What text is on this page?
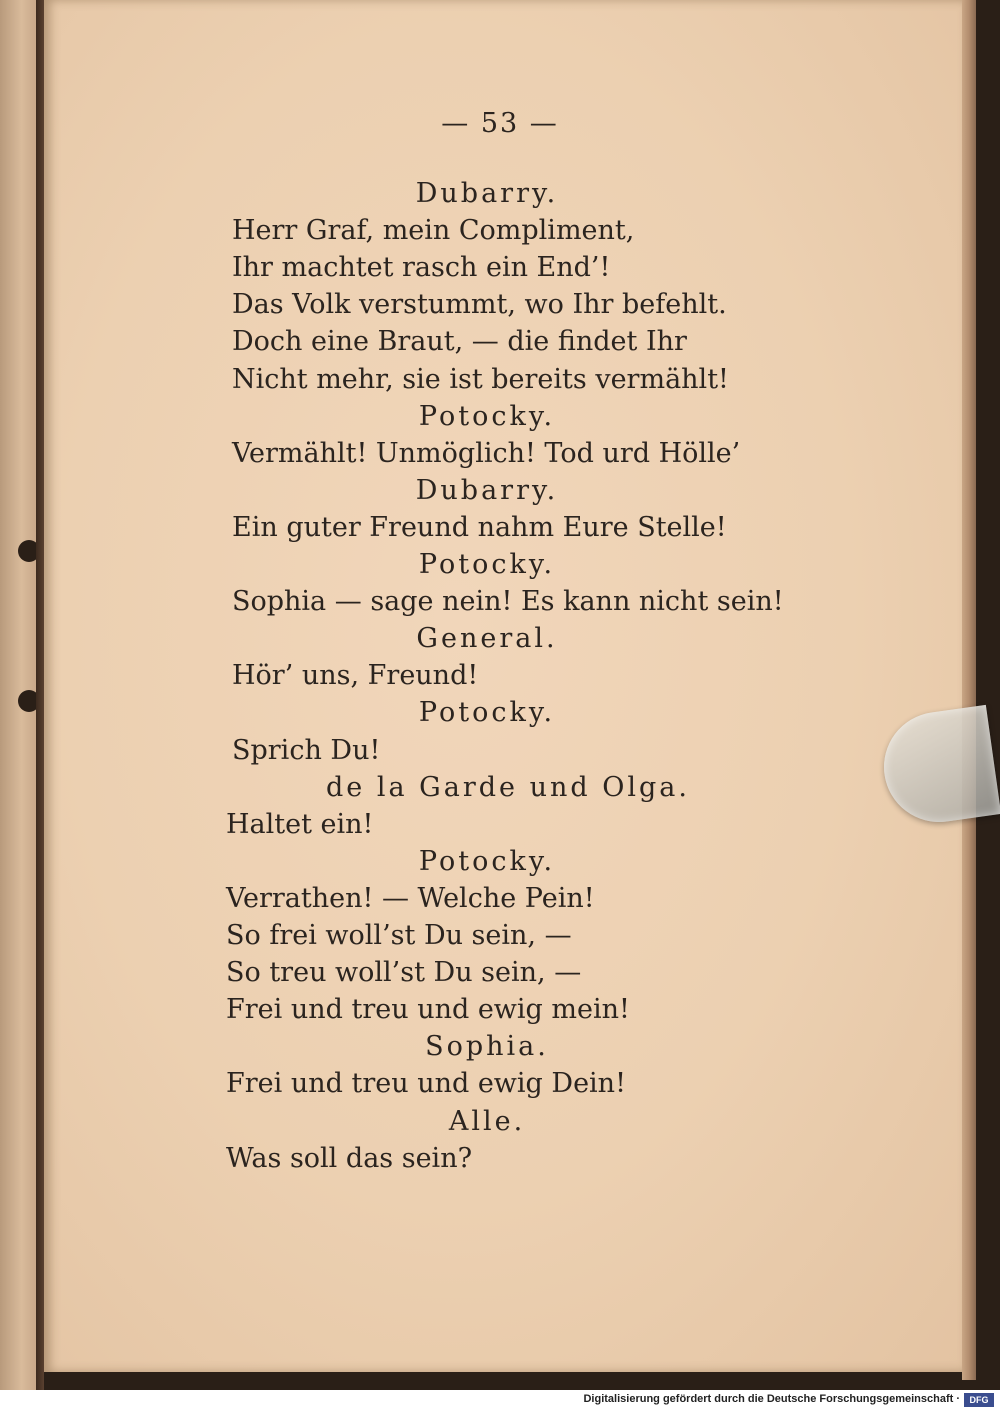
— 53 —
Dubarry.
Herr Graf, mein Compliment,
Ihr machtet rasch ein End’!
Das Volk verstummt, wo Ihr befehlt.
Doch eine Braut, — die findet Ihr
Nicht mehr, sie ist bereits vermählt!
Potocky.
Vermählt! Unmöglich! Tod urd Hölle’
Dubarry.
Ein guter Freund nahm Eure Stelle!
Potocky.
Sophia — sage nein! Es kann nicht sein!
General.
Hör’ uns, Freund!
Potocky.
Sprich Du!
de la Garde und Olga.
Haltet ein!
Potocky.
Verrathen! — Welche Pein!
So frei woll’st Du sein, —
So treu woll’st Du sein, —
Frei und treu und ewig mein!
Sophia.
Frei und treu und ewig Dein!
Alle.
Was soll das sein?
Digitalisierung gefördert durch die Deutsche Forschungsgemeinschaft ·	DFG
